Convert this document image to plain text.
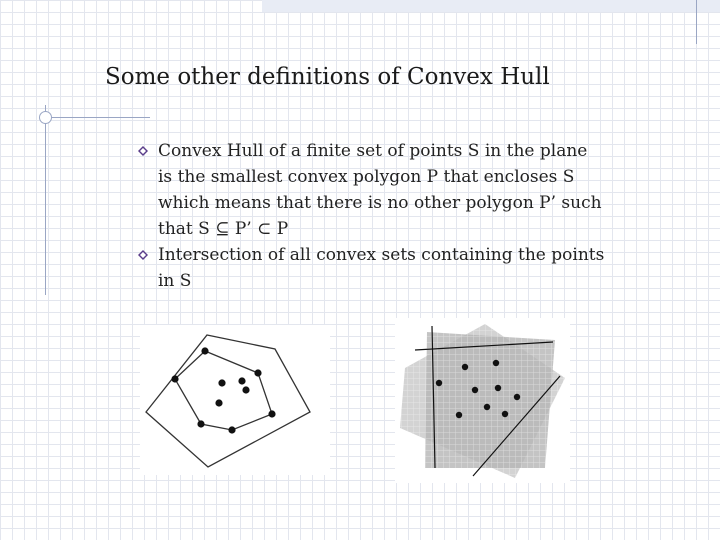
Some other definitions of Convex Hull
Convex Hull of a finite set of points S in the plane
is the smallest convex polygon P that encloses S
which means that there is no other polygon P’ such
that S ⊆ P’ ⊂ P
Intersection of all convex sets containing the points
in S
